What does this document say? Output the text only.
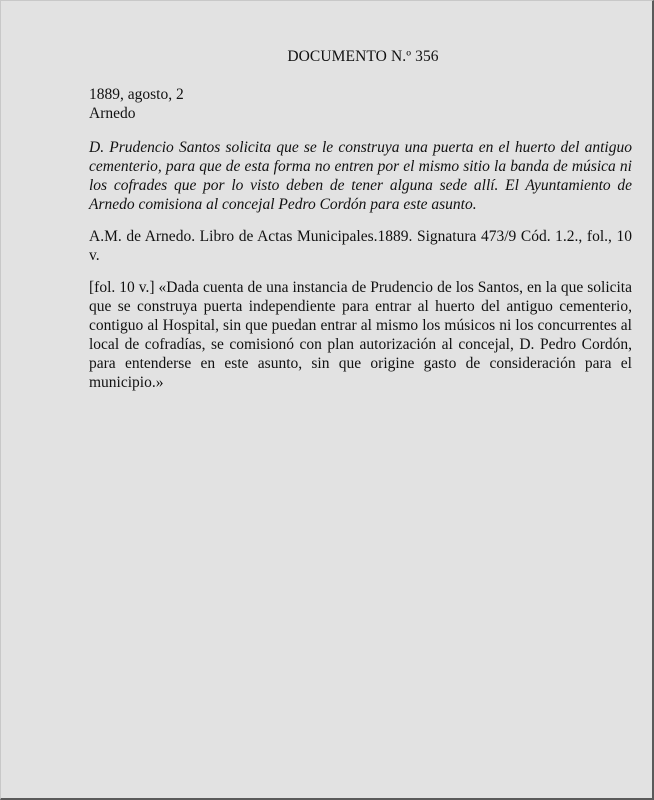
DOCUMENTO N.º 356
1889, agosto, 2
Arnedo
D. Prudencio Santos solicita que se le construya una puerta en el huerto del antiguo
cementerio, para que de esta forma no entren por el mismo sitio la banda de música ni
los cofrades que por lo visto deben de tener alguna sede allí. El Ayuntamiento de
Arnedo comisiona al concejal Pedro Cordón para este asunto.
A.M. de Arnedo. Libro de Actas Municipales.1889. Signatura 473/9 Cód. 1.2., fol., 10
v.
[fol. 10 v.] «Dada cuenta de una instancia de Prudencio de los Santos, en la que solicita
que se construya puerta independiente para entrar al huerto del antiguo cementerio,
contiguo al Hospital, sin que puedan entrar al mismo los músicos ni los concurrentes al
local de cofradías, se comisionó con plan autorización al concejal, D. Pedro Cordón,
para entenderse en este asunto, sin que origine gasto de consideración para el
municipio.»
